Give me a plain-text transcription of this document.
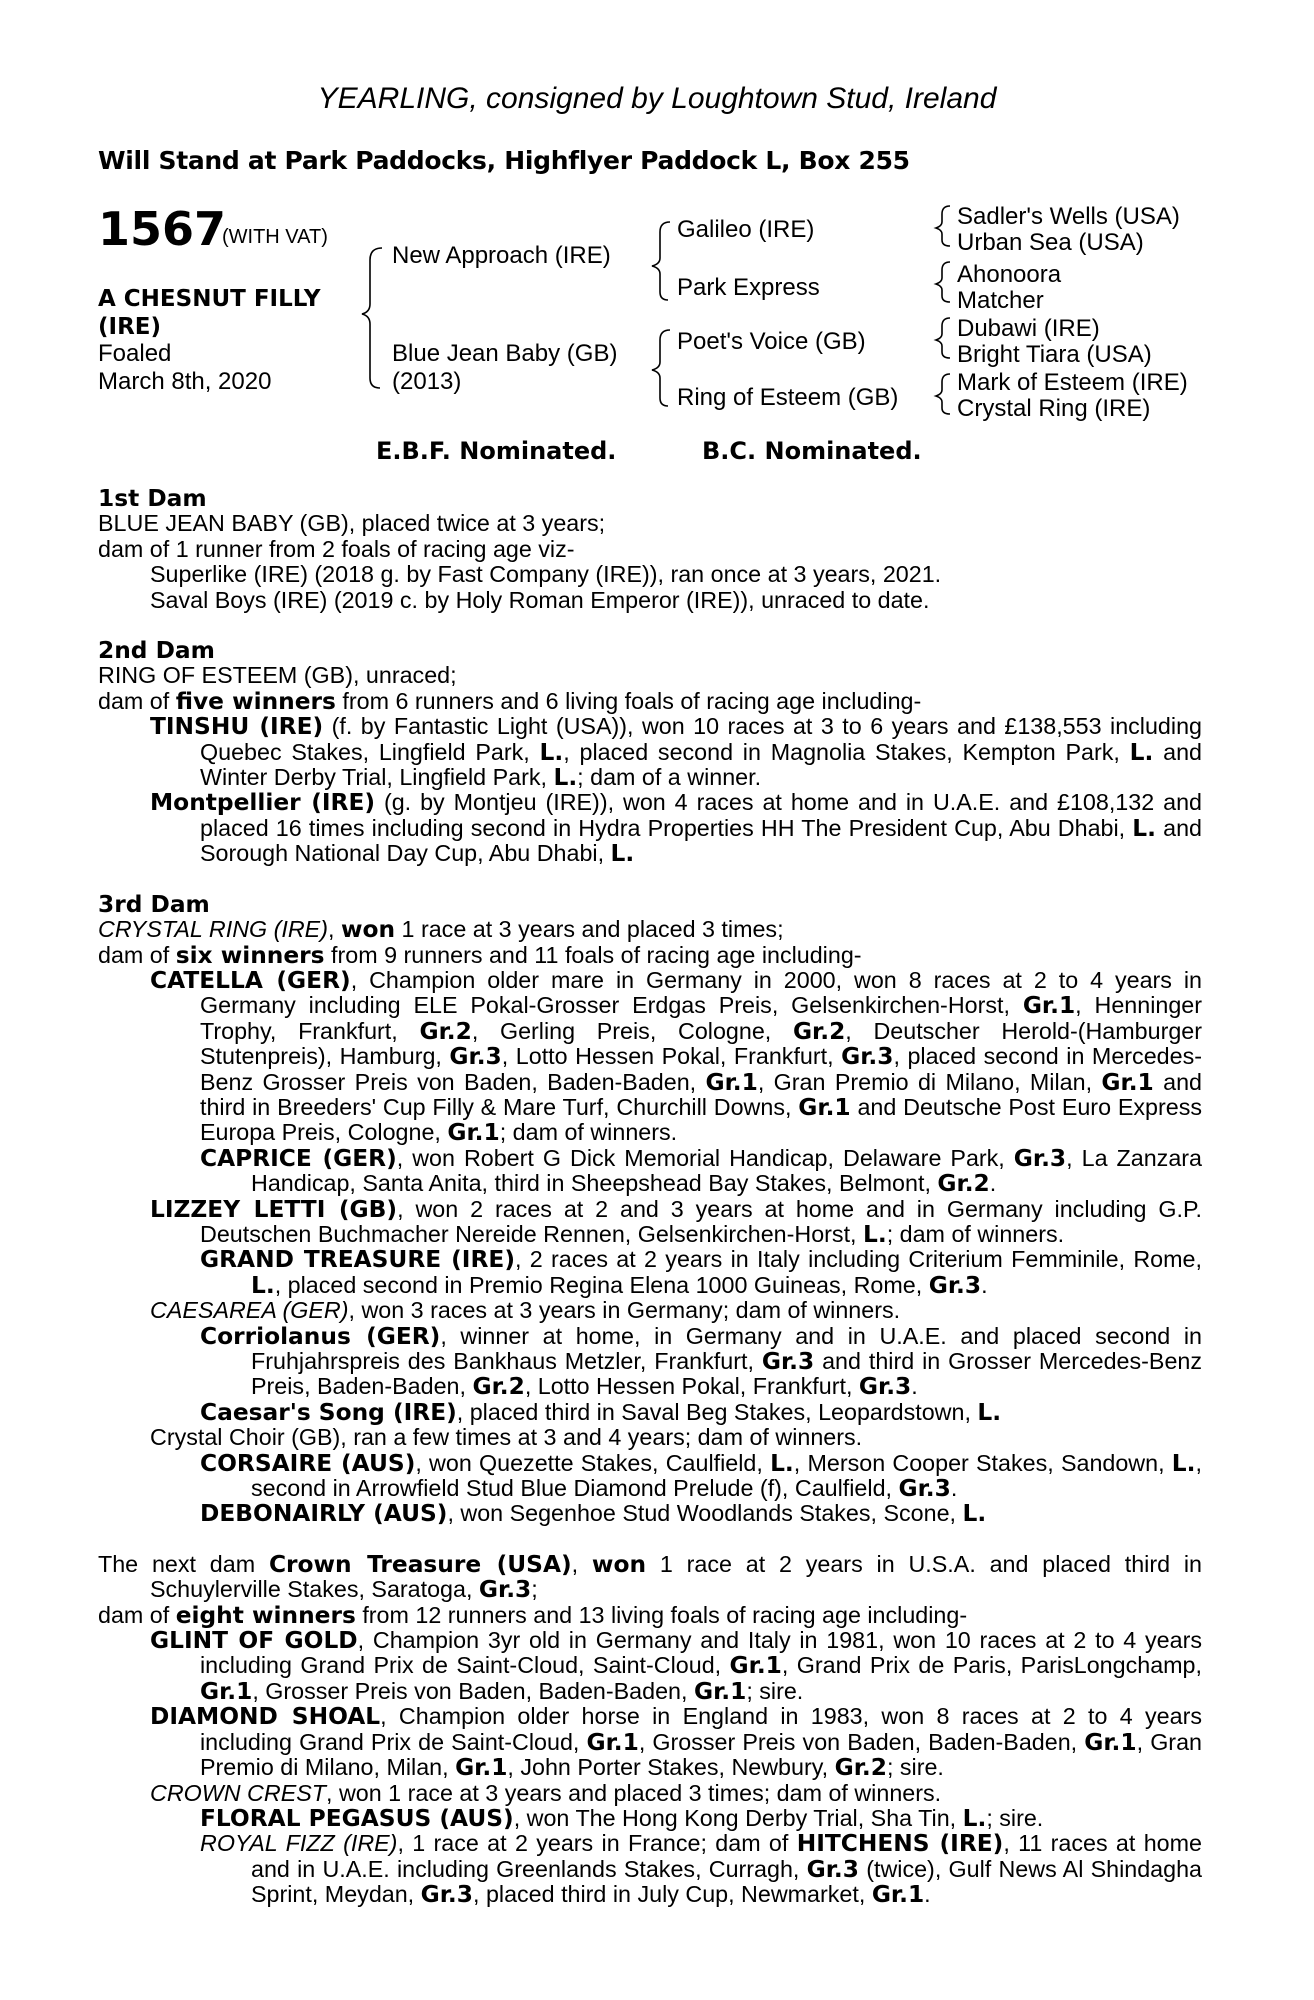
YEARLING, consigned by Loughtown Stud, Ireland
Will Stand at Park Paddocks, Highflyer Paddock L, Box 255
1567
(WITH VAT)
A CHESNUT FILLY
(IRE)
Foaled
March 8th, 2020
New Approach (IRE)
Blue Jean Baby (GB)
(2013)
Galileo (IRE)
Park Express
Poet's Voice (GB)
Ring of Esteem (GB)
Sadler's Wells (USA)
Urban Sea (USA)
Ahonoora
Matcher
Dubawi (IRE)
Bright Tiara (USA)
Mark of Esteem (IRE)
Crystal Ring (IRE)
E.B.F. Nominated.	B.C. Nominated.

1st Dam

BLUE JEAN BABY (GB), placed twice at 3 years;

dam of 1 runner from 2 foals of racing age viz-

Superlike (IRE) (2018 g. by Fast Company (IRE)), ran once at 3 years, 2021.

Saval Boys (IRE) (2019 c. by Holy Roman Emperor (IRE)), unraced to date.

2nd Dam

RING OF ESTEEM (GB), unraced;

dam of five winners from 6 runners and 6 living foals of racing age including-

TINSHU (IRE) (f. by Fantastic Light (USA)), won 10 races at 3 to 6 years and £138,553 including Quebec Stakes, Lingfield Park, L., placed second in Magnolia Stakes, Kempton Park, L. and Winter Derby Trial, Lingfield Park, L.; dam of a winner.

Montpellier (IRE) (g. by Montjeu (IRE)), won 4 races at home and in U.A.E. and £108,132 and placed 16 times including second in Hydra Properties HH The President Cup, Abu Dhabi, L. and Sorough National Day Cup, Abu Dhabi, L.

3rd Dam

CRYSTAL RING (IRE), won 1 race at 3 years and placed 3 times;

dam of six winners from 9 runners and 11 foals of racing age including-

CATELLA (GER), Champion older mare in Germany in 2000, won 8 races at 2 to 4 years in Germany including ELE Pokal-Grosser Erdgas Preis, Gelsenkirchen-Horst, Gr.1, Henninger Trophy, Frankfurt, Gr.2, Gerling Preis, Cologne, Gr.2, Deutscher Herold-(Hamburger Stutenpreis), Hamburg, Gr.3, Lotto Hessen Pokal, Frankfurt, Gr.3, placed second in Mercedes-Benz Grosser Preis von Baden, Baden-Baden, Gr.1, Gran Premio di Milano, Milan, Gr.1 and third in Breeders' Cup Filly & Mare Turf, Churchill Downs, Gr.1 and Deutsche Post Euro Express Europa Preis, Cologne, Gr.1; dam of winners.

CAPRICE (GER), won Robert G Dick Memorial Handicap, Delaware Park, Gr.3, La Zanzara Handicap, Santa Anita, third in Sheepshead Bay Stakes, Belmont, Gr.2.

LIZZEY LETTI (GB), won 2 races at 2 and 3 years at home and in Germany including G.P. Deutschen Buchmacher Nereide Rennen, Gelsenkirchen-Horst, L.; dam of winners.

GRAND TREASURE (IRE), 2 races at 2 years in Italy including Criterium Femminile, Rome, L., placed second in Premio Regina Elena 1000 Guineas, Rome, Gr.3.

CAESAREA (GER), won 3 races at 3 years in Germany; dam of winners.

Corriolanus (GER), winner at home, in Germany and in U.A.E. and placed second in Fruhjahrspreis des Bankhaus Metzler, Frankfurt, Gr.3 and third in Grosser Mercedes-Benz Preis, Baden-Baden, Gr.2, Lotto Hessen Pokal, Frankfurt, Gr.3.

Caesar's Song (IRE), placed third in Saval Beg Stakes, Leopardstown, L.

Crystal Choir (GB), ran a few times at 3 and 4 years; dam of winners.

CORSAIRE (AUS), won Quezette Stakes, Caulfield, L., Merson Cooper Stakes, Sandown, L., second in Arrowfield Stud Blue Diamond Prelude (f), Caulfield, Gr.3.

DEBONAIRLY (AUS), won Segenhoe Stud Woodlands Stakes, Scone, L.

The next dam Crown Treasure (USA), won 1 race at 2 years in U.S.A. and placed third in Schuylerville Stakes, Saratoga, Gr.3;

dam of eight winners from 12 runners and 13 living foals of racing age including-

GLINT OF GOLD, Champion 3yr old in Germany and Italy in 1981, won 10 races at 2 to 4 years including Grand Prix de Saint-Cloud, Saint-Cloud, Gr.1, Grand Prix de Paris, ParisLongchamp, Gr.1, Grosser Preis von Baden, Baden-Baden, Gr.1; sire.

DIAMOND SHOAL, Champion older horse in England in 1983, won 8 races at 2 to 4 years including Grand Prix de Saint-Cloud, Gr.1, Grosser Preis von Baden, Baden-Baden, Gr.1, Gran Premio di Milano, Milan, Gr.1, John Porter Stakes, Newbury, Gr.2; sire.

CROWN CREST, won 1 race at 3 years and placed 3 times; dam of winners.

FLORAL PEGASUS (AUS), won The Hong Kong Derby Trial, Sha Tin, L.; sire.

ROYAL FIZZ (IRE), 1 race at 2 years in France; dam of HITCHENS (IRE), 11 races at home and in U.A.E. including Greenlands Stakes, Curragh, Gr.3 (twice), Gulf News Al Shindagha Sprint, Meydan, Gr.3, placed third in July Cup, Newmarket, Gr.1.
